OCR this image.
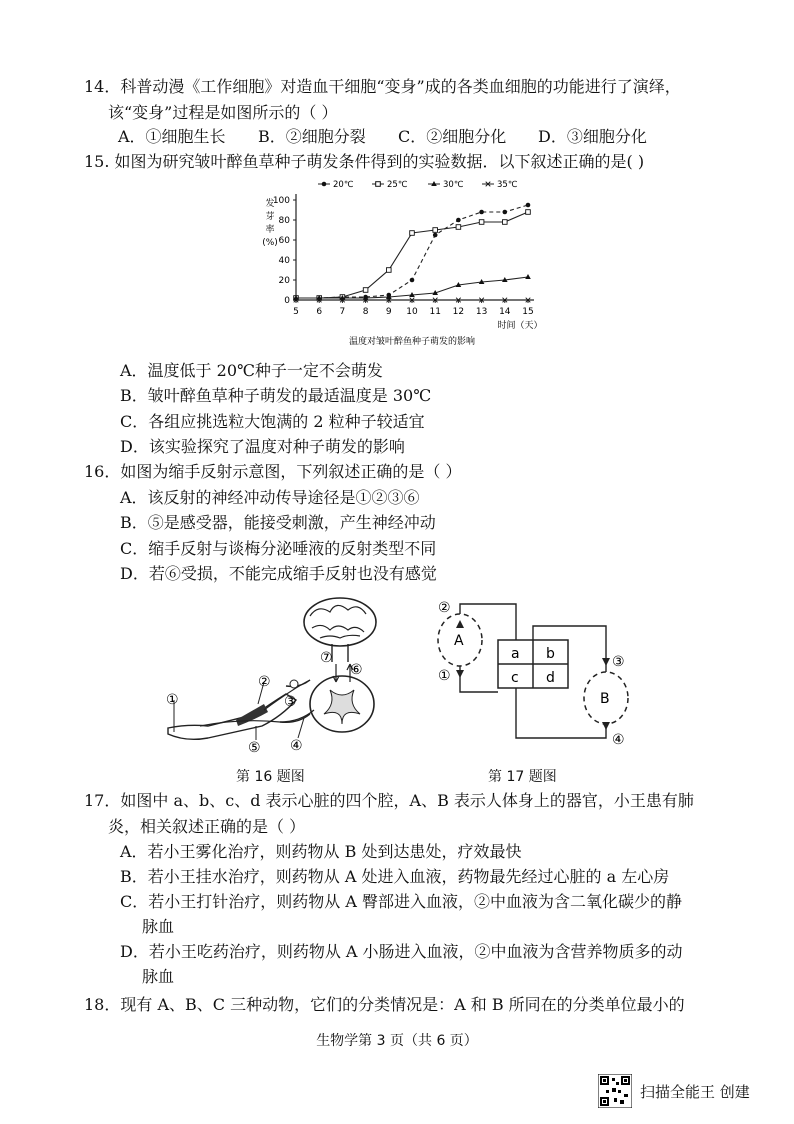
14．科普动漫《工作细胞》对造血干细胞“变身”成的各类血细胞的功能进行了演绎，
该“变身”过程是如图所示的（ ）
A．①细胞生长 B．②细胞分裂 C．②细胞分化 D．③细胞分化
15. 如图为研究皱叶醉鱼草种子萌发条件得到的实验数据．以下叙述正确的是( )
0
20
40
60
80
100
5 6 7 8 9 10 11 12 13 14 15
发
芽
率
(%)
时间（天）
温度对皱叶醉鱼种子萌发的影响
20℃	25℃	30℃	35℃
A．温度低于 20℃种子一定不会萌发
B．皱叶醉鱼草种子萌发的最适温度是 30℃
C．各组应挑选粒大饱满的 2 粒种子较适宜
D．该实验探究了温度对种子萌发的影响
16．如图为缩手反射示意图，下列叙述正确的是（ ）
A．该反射的神经冲动传导途径是①②③⑥
B．⑤是感受器，能接受刺激，产生神经冲动
C．缩手反射与谈梅分泌唾液的反射类型不同
D．若⑥受损，不能完成缩手反射也没有感觉
①
②
③
④
⑤
⑥
⑦
第 16 题图
a b
c d
A
B
②
①
③
④
第 17 题图
17．如图中 a、b、c、d 表示心脏的四个腔，A、B 表示人体身上的器官，小王患有肺
炎，相关叙述正确的是（ ）
A．若小王雾化治疗，则药物从 B 处到达患处，疗效最快
B．若小王挂水治疗，则药物从 A 处进入血液，药物最先经过心脏的 a 左心房
C．若小王打针治疗，则药物从 A 臀部进入血液，②中血液为含二氧化碳少的静
脉血
D．若小王吃药治疗，则药物从 A 小肠进入血液，②中血液为含营养物质多的动
脉血
18．现有 A、B、C 三种动物，它们的分类情况是：A 和 B 所同在的分类单位最小的
生物学第 3 页（共 6 页）
扫描全能王 创建
